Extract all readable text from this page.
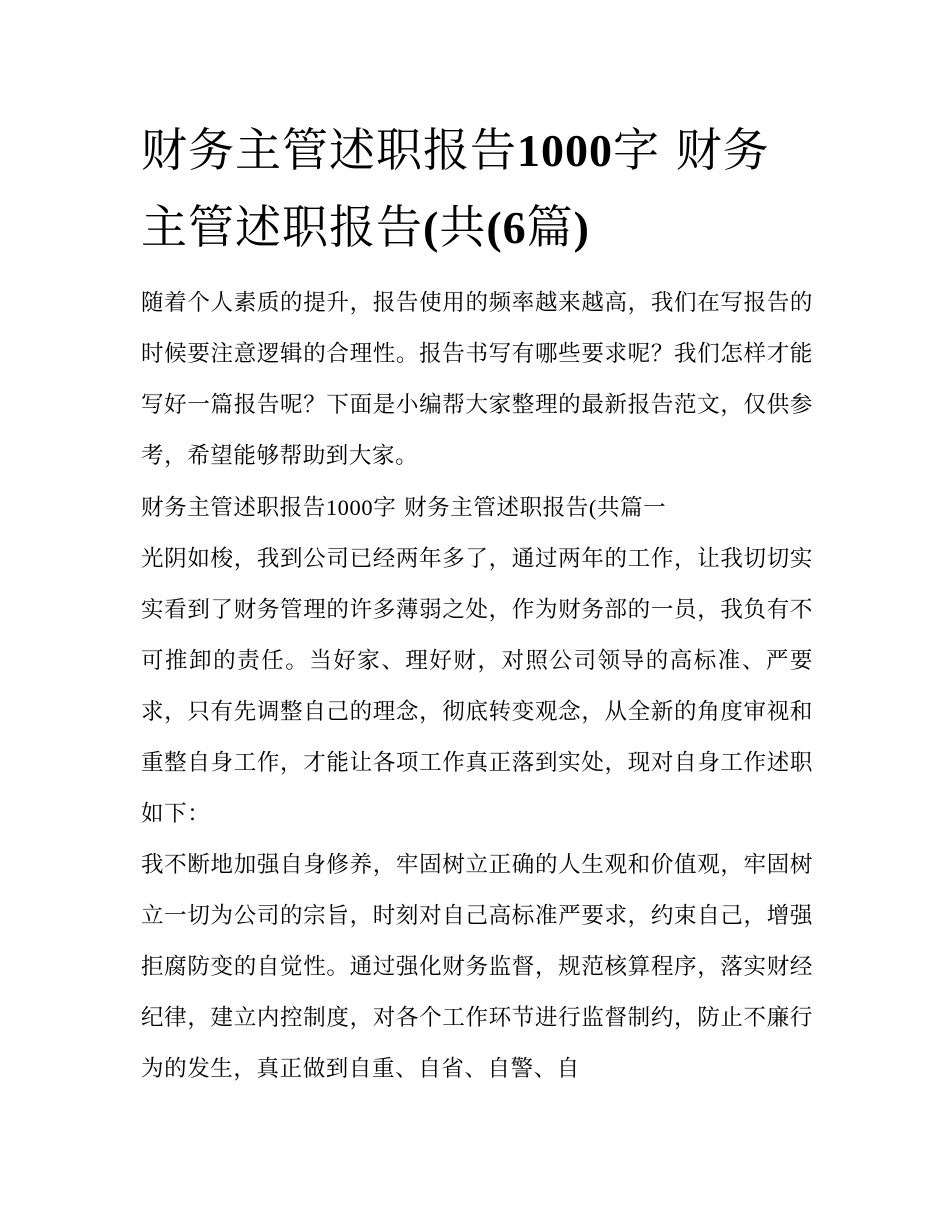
财务主管述职报告1000字 财务主管述职报告(共(6篇)

随着个人素质的提升，报告使用的频率越来越高，我们在写报告的时候要注意逻辑的合理性。报告书写有哪些要求呢？我们怎样才能写好一篇报告呢？下面是小编帮大家整理的最新报告范文，仅供参考，希望能够帮助到大家。

财务主管述职报告1000字 财务主管述职报告(共篇一

光阴如梭，我到公司已经两年多了，通过两年的工作，让我切切实实看到了财务管理的许多薄弱之处，作为财务部的一员，我负有不可推卸的责任。当好家、理好财，对照公司领导的高标准、严要求，只有先调整自己的理念，彻底转变观念，从全新的角度审视和重整自身工作，才能让各项工作真正落到实处，现对自身工作述职如下：

我不断地加强自身修养，牢固树立正确的人生观和价值观，牢固树立一切为公司的宗旨，时刻对自己高标准严要求，约束自己，增强拒腐防变的自觉性。通过强化财务监督，规范核算程序，落实财经纪律，建立内控制度，对各个工作环节进行监督制约，防止不廉行为的发生，真正做到自重、自省、自警、自
